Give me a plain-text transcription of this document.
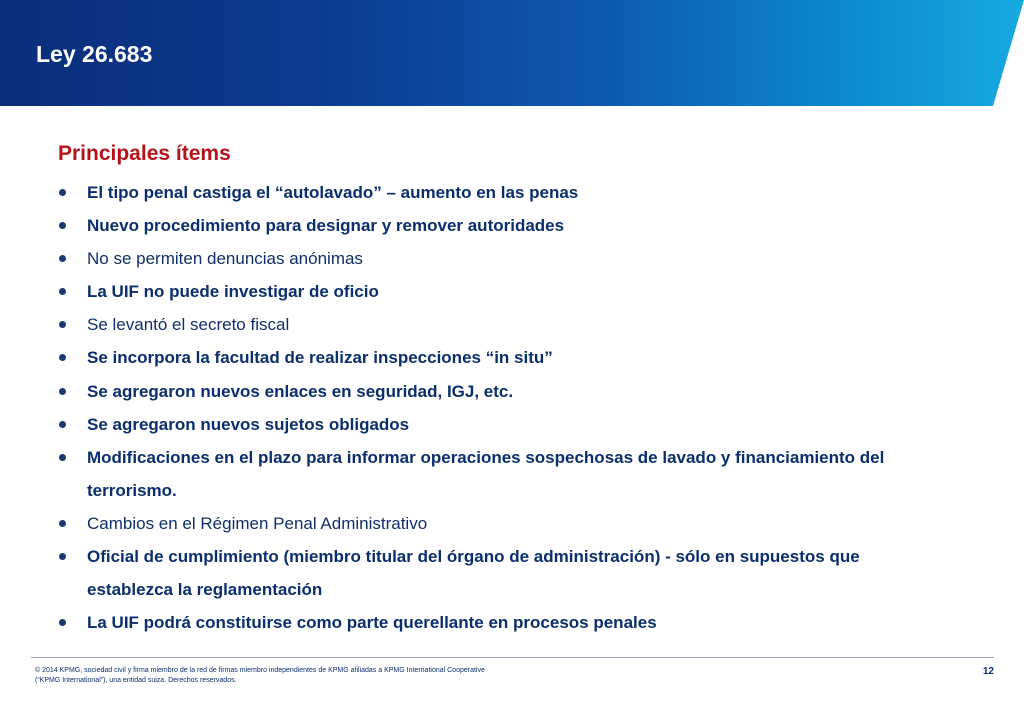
Ley 26.683
Principales ítems
El tipo penal castiga el “autolavado” – aumento en las penas
Nuevo procedimiento para designar y remover autoridades
No se permiten denuncias anónimas
La UIF no puede investigar de oficio
Se levantó el secreto fiscal
Se incorpora la facultad de realizar inspecciones “in situ”
Se agregaron nuevos enlaces en seguridad, IGJ, etc.
Se agregaron nuevos sujetos obligados
Modificaciones en el plazo para informar operaciones sospechosas de lavado y financiamiento del terrorismo.
Cambios en el Régimen Penal Administrativo
Oficial de cumplimiento (miembro titular del órgano de administración) - sólo en supuestos que establezca la reglamentación
La UIF podrá constituirse como parte querellante en procesos penales
© 2014 KPMG, sociedad civil y firma miembro de la red de firmas miembro independientes de KPMG afiliadas a KPMG International Cooperative (“KPMG International”), una entidad suiza. Derechos reservados.
12
